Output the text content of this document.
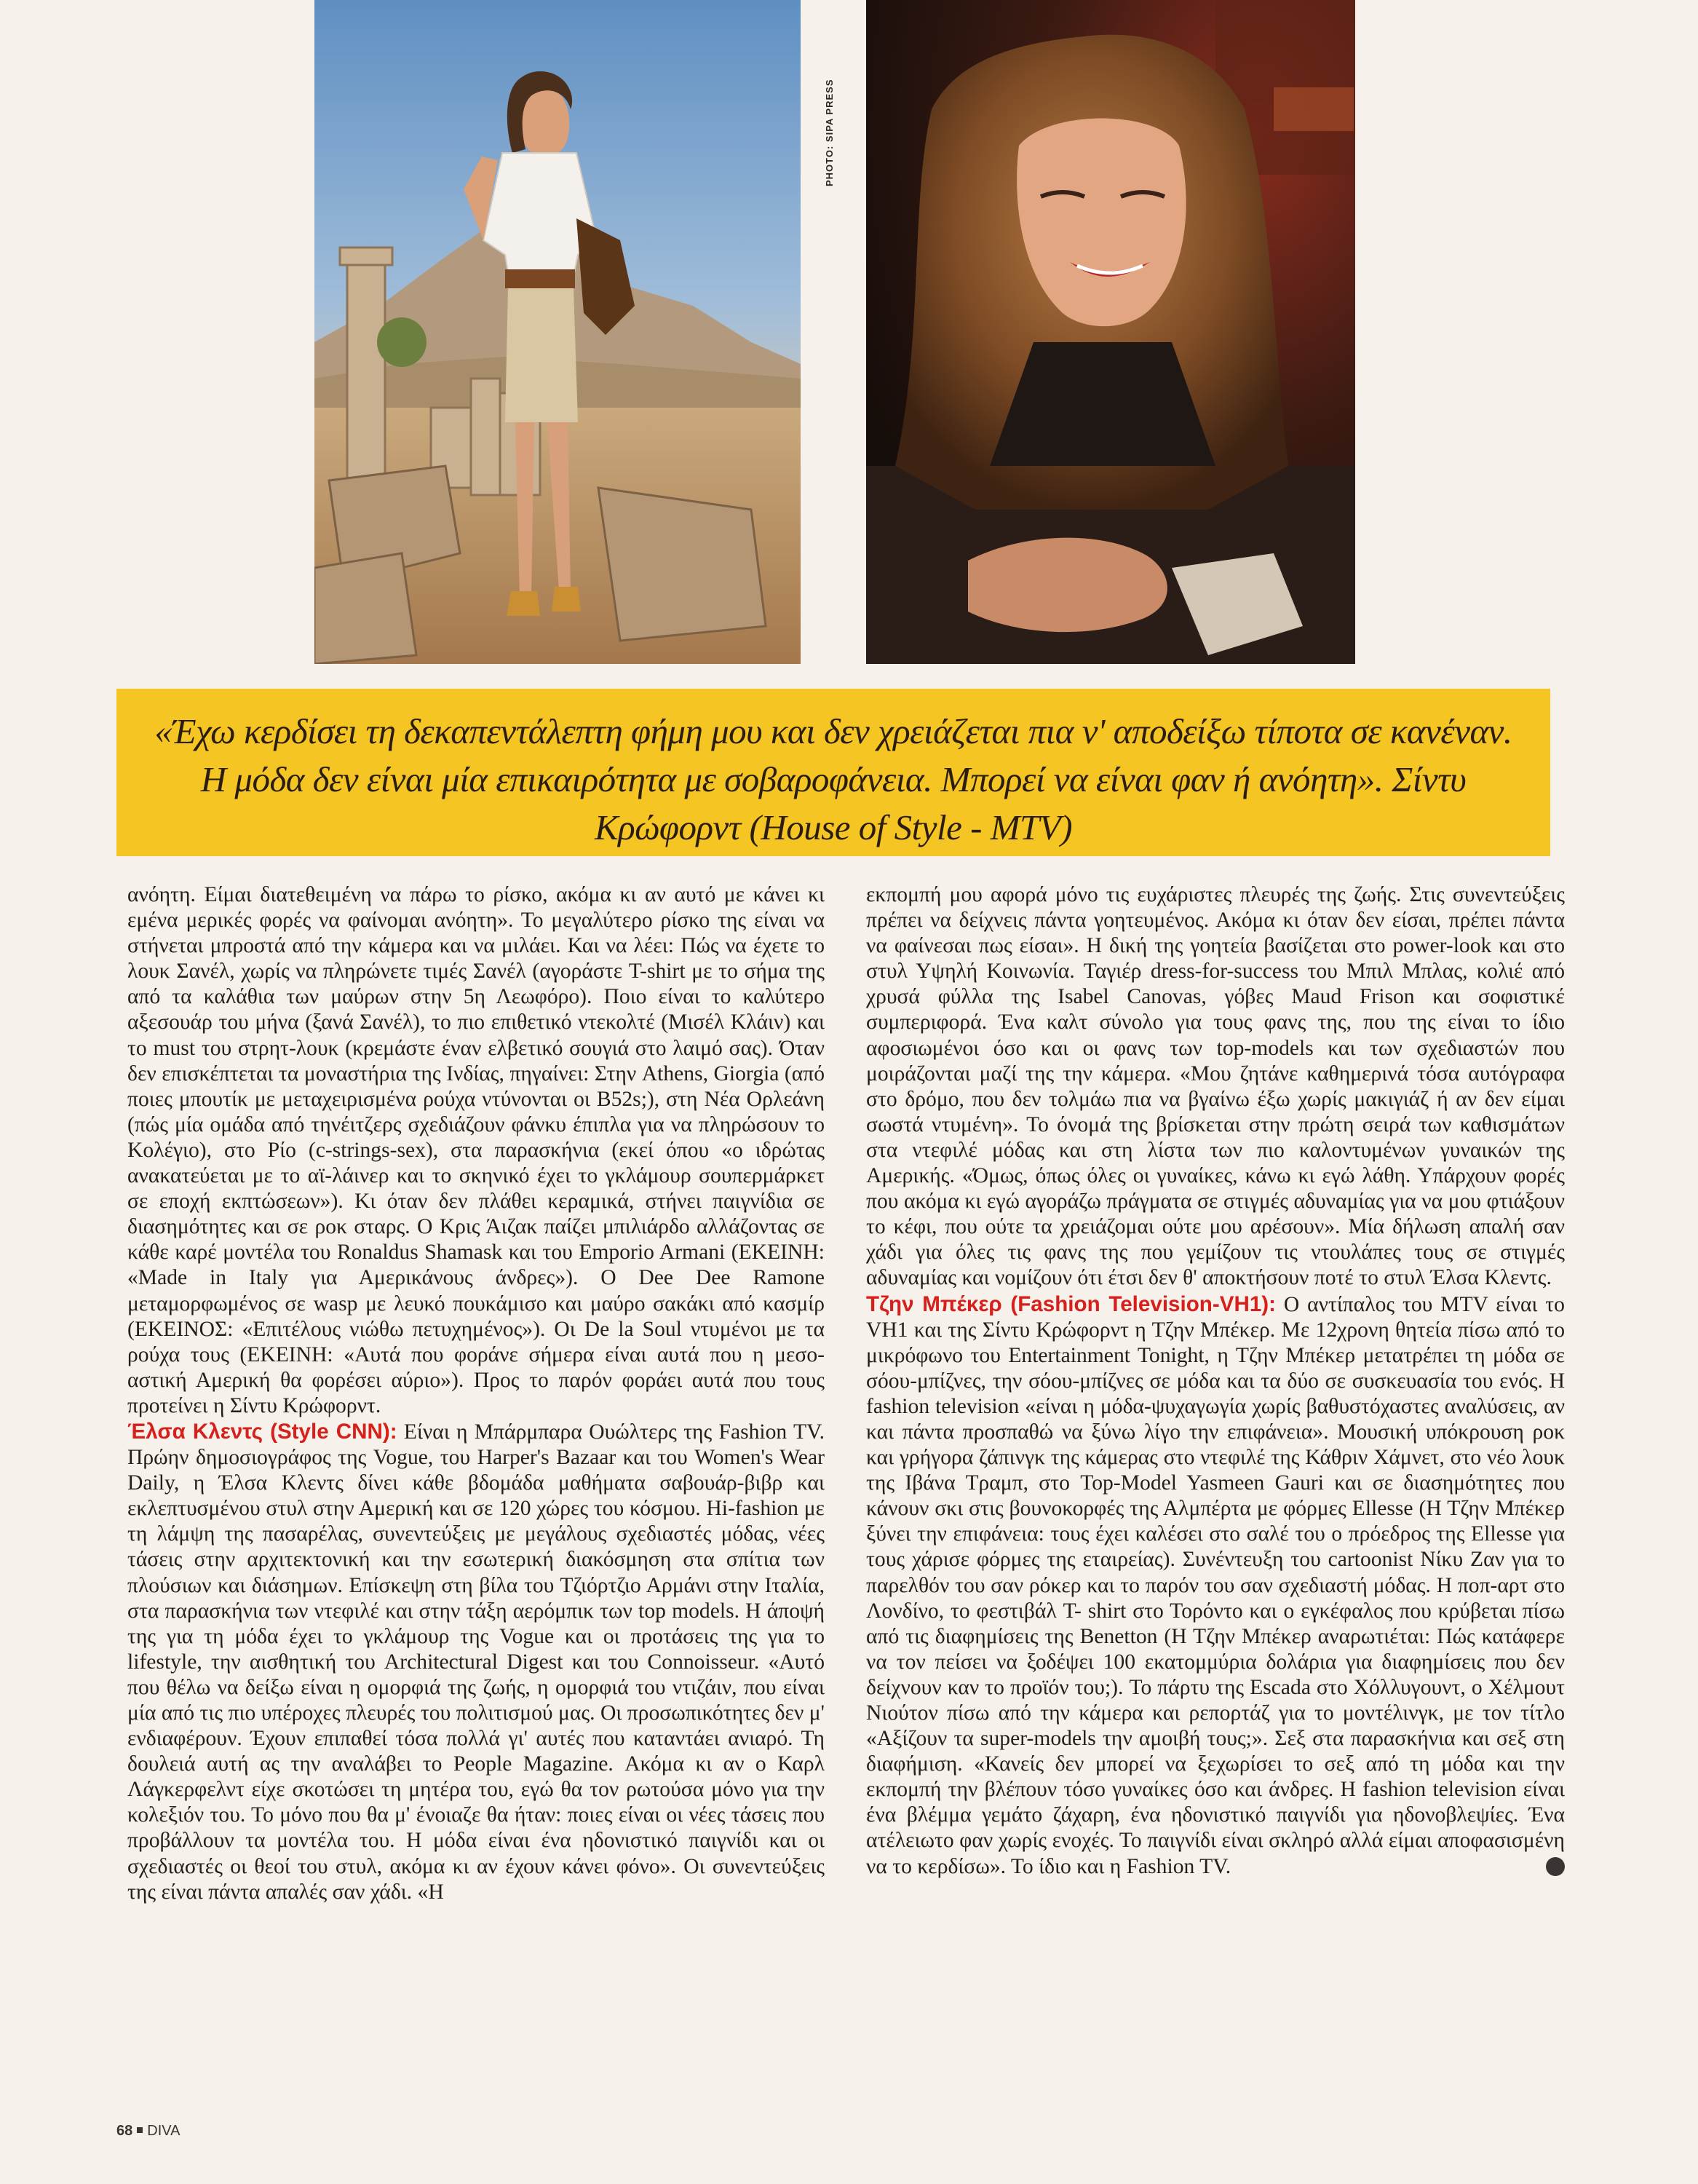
PHOTO: SIPA PRESS

«Έχω κερδίσει τη δεκαπεντάλεπτη φήμη μου και δεν χρειάζεται πια ν' αποδείξω τίποτα σε κανέναν. Η μόδα δεν είναι μία επικαιρότητα με σοβαροφάνεια. Μπορεί να είναι φαν ή ανόητη». Σίντυ Κρώφορντ (House of Style - MTV)

ανόητη. Είμαι διατεθειμένη να πάρω το ρίσκο, ακόμα κι αν αυτό με κάνει κι εμένα μερικές φορές να φαίνομαι ανόητη». Το μεγαλύτερο ρίσκο της είναι να στήνεται μπροστά από την κάμερα και να μιλάει. Και να λέει: Πώς να έχετε το λουκ Σανέλ, χωρίς να πληρώνετε τιμές Σανέλ (αγοράστε T-shirt με το σήμα της από τα καλάθια των μαύρων στην 5η Λεωφόρο). Ποιο είναι το καλύτερο αξεσουάρ του μήνα (ξανά Σανέλ), το πιο επιθετικό ντεκολτέ (Μισέλ Κλάιν) και το must του στρητ-λουκ (κρεμάστε έναν ελβετικό σουγιά στο λαιμό σας). Όταν δεν επισκέπτεται τα μοναστήρια της Ινδίας, πηγαίνει: Στην Athens, Giorgia (από ποιες μπουτίκ με μεταχειρισμένα ρούχα ντύνονται οι B52s;), στη Νέα Ορλεάνη (πώς μία ομάδα από τηνέιτζερς σχεδιάζουν φάνκυ έπιπλα για να πληρώσουν το Κολέγιο), στο Ρίο (c-strings-sex), στα παρασκήνια (εκεί όπου «ο ιδρώτας ανακατεύεται με το αϊ-λάινερ και το σκηνικό έχει το γκλάμουρ σουπερμάρκετ σε εποχή εκπτώσεων»). Κι όταν δεν πλάθει κεραμικά, στήνει παιγνίδια σε διασημότητες και σε ροκ σταρς. Ο Κρις Άιζακ παίζει μπιλιάρδο αλλάζοντας σε κάθε καρέ μοντέλα του Ronaldus Shamask και του Emporio Armani (ΕΚΕΙΝΗ: «Made in Italy για Αμερικάνους άνδρες»). Ο Dee Dee Ramone μεταμορφωμένος σε wasp με λευκό πουκάμισο και μαύρο σακάκι από κασμίρ (ΕΚΕΙΝΟΣ: «Επιτέλους νιώθω πετυχημένος»). Οι De la Soul ντυμένοι με τα ρούχα τους (ΕΚΕΙΝΗ: «Αυτά που φοράνε σήμερα είναι αυτά που η μεσο-αστική Αμερική θα φορέσει αύριο»). Προς το παρόν φοράει αυτά που τους προτείνει η Σίντυ Κρώφορντ.

Έλσα Κλεντς (Style CNN): Είναι η Μπάρμπαρα Ουώλτερς της Fashion TV. Πρώην δημοσιογράφος της Vogue, του Harper's Bazaar και του Women's Wear Daily, η Έλσα Κλεντς δίνει κάθε βδομάδα μαθήματα σαβουάρ-βιβρ και εκλεπτυσμένου στυλ στην Αμερική και σε 120 χώρες του κόσμου. Hi-fashion με τη λάμψη της πασαρέλας, συνεντεύξεις με μεγάλους σχεδιαστές μόδας, νέες τάσεις στην αρχιτεκτονική και την εσωτερική διακόσμηση στα σπίτια των πλούσιων και διάσημων. Επίσκεψη στη βίλα του Τζιόρτζιο Αρμάνι στην Ιταλία, στα παρασκήνια των ντεφιλέ και στην τάξη αερόμπικ των top models. Η άποψή της για τη μόδα έχει το γκλάμουρ της Vogue και οι προτάσεις της για το lifestyle, την αισθητική του Architectural Digest και του Connoisseur. «Αυτό που θέλω να δείξω είναι η ομορφιά της ζωής, η ομορφιά του ντιζάιν, που είναι μία από τις πιο υπέροχες πλευρές του πολιτισμού μας. Οι προσωπικότητες δεν μ' ενδιαφέρουν. Έχουν επιπαθεί τόσα πολλά γι' αυτές που καταντάει ανιαρό. Τη δουλειά αυτή ας την αναλάβει το People Magazine. Ακόμα κι αν ο Καρλ Λάγκερφελντ είχε σκοτώσει τη μητέρα του, εγώ θα τον ρωτούσα μόνο για την κολεξιόν του. Το μόνο που θα μ' ένοιαζε θα ήταν: ποιες είναι οι νέες τάσεις που προβάλλουν τα μοντέλα του. Η μόδα είναι ένα ηδονιστικό παιγνίδι και οι σχεδιαστές οι θεοί του στυλ, ακόμα κι αν έχουν κάνει φόνο». Οι συνεντεύξεις της είναι πάντα απαλές σαν χάδι. «Η

εκπομπή μου αφορά μόνο τις ευχάριστες πλευρές της ζωής. Στις συνεντεύξεις πρέπει να δείχνεις πάντα γοητευμένος. Ακόμα κι όταν δεν είσαι, πρέπει πάντα να φαίνεσαι πως είσαι». Η δική της γοητεία βασίζεται στο power-look και στο στυλ Υψηλή Κοινωνία. Ταγιέρ dress-for-success του Μπιλ Μπλας, κολιέ από χρυσά φύλλα της Isabel Canovas, γόβες Maud Frison και σοφιστικέ συμπεριφορά. Ένα καλτ σύνολο για τους φανς της, που της είναι το ίδιο αφοσιωμένοι όσο και οι φανς των top-models και των σχεδιαστών που μοιράζονται μαζί της την κάμερα. «Μου ζητάνε καθημερινά τόσα αυτόγραφα στο δρόμο, που δεν τολμάω πια να βγαίνω έξω χωρίς μακιγιάζ ή αν δεν είμαι σωστά ντυμένη». Το όνομά της βρίσκεται στην πρώτη σειρά των καθισμάτων στα ντεφιλέ μόδας και στη λίστα των πιο καλοντυμένων γυναικών της Αμερικής. «Όμως, όπως όλες οι γυναίκες, κάνω κι εγώ λάθη. Υπάρχουν φορές που ακόμα κι εγώ αγοράζω πράγματα σε στιγμές αδυναμίας για να μου φτιάξουν το κέφι, που ούτε τα χρειάζομαι ούτε μου αρέσουν». Μία δήλωση απαλή σαν χάδι για όλες τις φανς της που γεμίζουν τις ντουλάπες τους σε στιγμές αδυναμίας και νομίζουν ότι έτσι δεν θ' αποκτήσουν ποτέ το στυλ Έλσα Κλεντς.

Τζην Μπέκερ (Fashion Television-VH1): Ο αντίπαλος του MTV είναι το VH1 και της Σίντυ Κρώφορντ η Τζην Μπέκερ. Με 12χρονη θητεία πίσω από το μικρόφωνο του Entertainment Tonight, η Τζην Μπέκερ μετατρέπει τη μόδα σε σόου-μπίζνες, την σόου-μπίζνες σε μόδα και τα δύο σε συσκευασία του ενός. Η fashion television «είναι η μόδα-ψυχαγωγία χωρίς βαθυστόχαστες αναλύσεις, αν και πάντα προσπαθώ να ξύνω λίγο την επιφάνεια». Μουσική υπόκρουση ροκ και γρήγορα ζάπινγκ της κάμερας στο ντεφιλέ της Κάθριν Χάμνετ, στο νέο λουκ της Ιβάνα Τραμπ, στο Top-Model Yasmeen Gauri και σε διασημότητες που κάνουν σκι στις βουνοκορφές της Αλμπέρτα με φόρμες Ellesse (Η Τζην Μπέκερ ξύνει την επιφάνεια: τους έχει καλέσει στο σαλέ του ο πρόεδρος της Ellesse για τους χάρισε φόρμες της εταιρείας). Συνέντευξη του cartoonist Νίκυ Ζαν για το παρελθόν του σαν ρόκερ και το παρόν του σαν σχεδιαστή μόδας. Η ποπ-αρτ στο Λονδίνο, το φεστιβάλ T- shirt στο Τορόντο και ο εγκέφαλος που κρύβεται πίσω από τις διαφημίσεις της Benetton (Η Τζην Μπέκερ αναρωτιέται: Πώς κατάφερε να τον πείσει να ξοδέψει 100 εκατομμύρια δολάρια για διαφημίσεις που δεν δείχνουν καν το προϊόν του;). Το πάρτυ της Escada στο Χόλλυγουντ, ο Χέλμουτ Νιούτον πίσω από την κάμερα και ρεπορτάζ για το μοντέλινγκ, με τον τίτλο «Αξίζουν τα super-models την αμοιβή τους;». Σεξ στα παρασκήνια και σεξ στη διαφήμιση. «Κανείς δεν μπορεί να ξεχωρίσει το σεξ από τη μόδα και την εκπομπή την βλέπουν τόσο γυναίκες όσο και άνδρες. Η fashion television είναι ένα βλέμμα γεμάτο ζάχαρη, ένα ηδονιστικό παιγνίδι για ηδονοβλεψίες. Ένα ατέλειωτο φαν χωρίς ενοχές. Το παιγνίδι είναι σκληρό αλλά είμαι αποφασισμένη να το κερδίσω». Το ίδιο και η Fashion TV.

68 DIVA
